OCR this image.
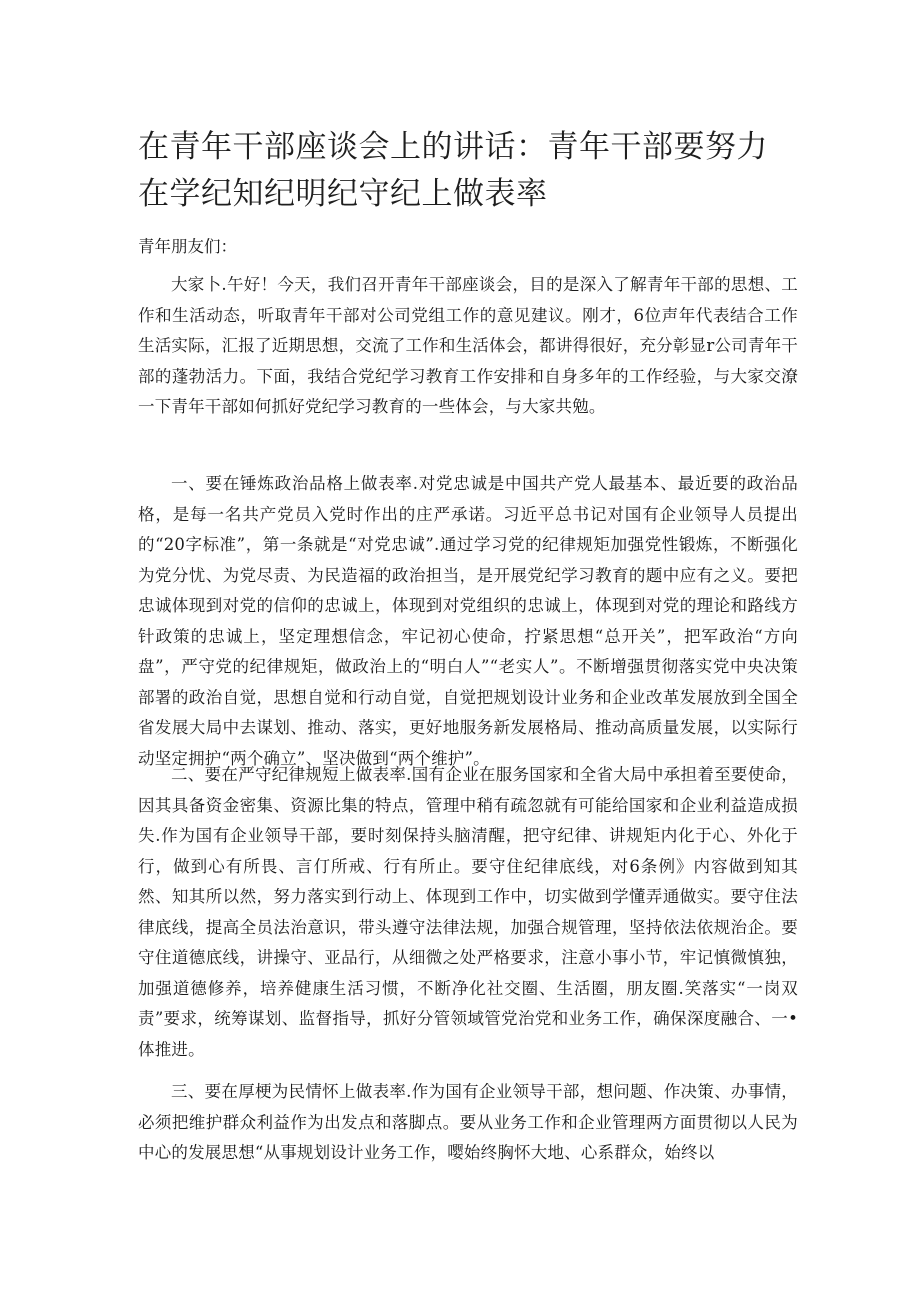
在青年干部座谈会上的讲话：青年干部要努力在学纪知纪明纪守纪上做表率

青年朋友们：

大家卜.午好！今天，我们召开青年干部座谈会，目的是深入了解青年干部的思想、工作和生活动态，听取青年干部对公司党组工作的意见建议。刚才，6位声年代表结合工作生活实际，汇报了近期思想，交流了工作和生活体会，都讲得很好，充分彰显r公司青年干部的蓬勃活力。下面，我结合党纪学习教育工作安排和自身多年的工作经验，与大家交潦一下青年干部如何抓好党纪学习教育的一些体会，与大家共勉。

一、要在锤炼政治品格上做表率.对党忠诚是中国共产党人最基本、最近要的政治品格，是每一名共产党员入党时作出的庄严承诺。习近平总书记对国有企业领导人员提出的“20字标准”，第一条就是“对党忠诚”.通过学习党的纪律规矩加强党性锻炼，不断强化为党分忧、为党尽责、为民造福的政治担当，是开展党纪学习教育的题中应有之义。要把忠诚体现到对党的信仰的忠诚上，体现到对党组织的忠诚上，体现到对党的理论和路线方针政策的忠诚上，坚定理想信念，牢记初心使命，拧紧思想“总开关”，把军政治“方向盘”，严守党的纪律规矩，做政治上的“明白人”“老实人”。不断增强贯彻落实党中央决策部署的政治自觉，思想自觉和行动自觉，自觉把规划设计业务和企业改革发展放到全国全省发展大局中去谋划、推动、落实，更好地服务新发展格局、推动高质量发展，以实际行动坚定拥护“两个确立”、坚决做到“两个维护”。

二、要在严守纪律规短上做表率.国有企业在服务国家和全省大局中承担着至要使命，因其具备资金密集、资源比集的特点，管理中稍有疏忽就有可能给国家和企业利益造成损失.作为国有企业领导干部，要时刻保持头脑清醒，把守纪律、讲规矩内化于心、外化于行，做到心有所畏、言仃所戒、行有所止。要守住纪律底线，对6条例》内容做到知其然、知其所以然，努力落实到行动上、体现到工作中，切实做到学懂弄通做实。要守住法律底线，提高全员法治意识，带头遵守法律法规，加强合规管理，坚持依法依规治企。要守住道德底线，讲操守、亚品行，从细微之处严格要求，注意小事小节，牢记慎微慎独，加强道德修养，培养健康生活习惯，不断净化社交圈、生活圈，朋友圈.笑落实“一岗双责”要求，统筹谋划、监督指导，抓好分管领域管党治党和业务工作，确保深度融合、一•体推进。

三、要在厚梗为民情怀上做表率.作为国有企业领导干部，想问题、作决策、办事情，必须把维护群众利益作为出发点和落脚点。要从业务工作和企业管理两方面贯彻以人民为中心的发展思想“从事规划设计业务工作，嘤始终胸怀大地、心系群众，始终以
